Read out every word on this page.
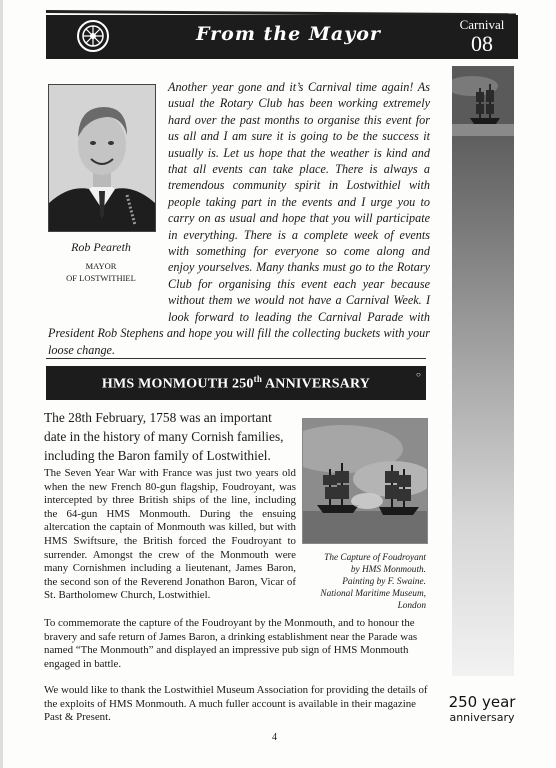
From the Mayor	Carnival
08
Rob Peareth
MAYOR
OF LOSTWITHIEL

Another year gone and it’s Carnival time again! As usual the Rotary Club has been working extremely hard over the past months to organise this event for us all and I am sure it is going to be the success it usually is. Let us hope that the weather is kind and that all events can take place. There is always a tremendous community spirit in Lostwithiel with people taking part in the events and I urge you to carry on as usual and hope that you will participate in everything. There is a complete week of events with something for everyone so come along and enjoy yourselves. Many thanks must go to the Rotary Club for organising this event each year because without them we would not have a Carnival Week. I look forward to leading the Carnival Parade with President Rob Stephens and hope you will fill the collecting buckets with your loose change.

HMS MONMOUTH 250th ANNIVERSARY
○

The 28th February, 1758 was an important date in the history of many Cornish families, including the Baron family of Lostwithiel.

The Seven Year War with France was just two years old when the new French 80-gun flagship, Foudroyant, was intercepted by three British ships of the line, including the 64-gun HMS Monmouth. During the ensuing altercation the captain of Monmouth was killed, but with HMS Swiftsure, the British forced the Foudroyant to surrender. Amongst the crew of the Monmouth were many Cornishmen including a lieutenant, James Baron, the second son of the Reverend Jonathon Baron, Vicar of St. Bartholomew Church, Lostwithiel.

The Capture of Foudroyant
by HMS Monmouth.
Painting by F. Swaine.
National Maritime Museum,
London

To commemorate the capture of the Foudroyant by the Monmouth, and to honour the bravery and safe return of James Baron, a drinking establishment near the Parade was named “The Monmouth” and displayed an impressive pub sign of HMS Monmouth engaged in battle.

We would like to thank the Lostwithiel Museum Association for providing the details of the exploits of HMS Monmouth. A much fuller account is available in their magazine Past & Present.

250 year
anniversary
4
